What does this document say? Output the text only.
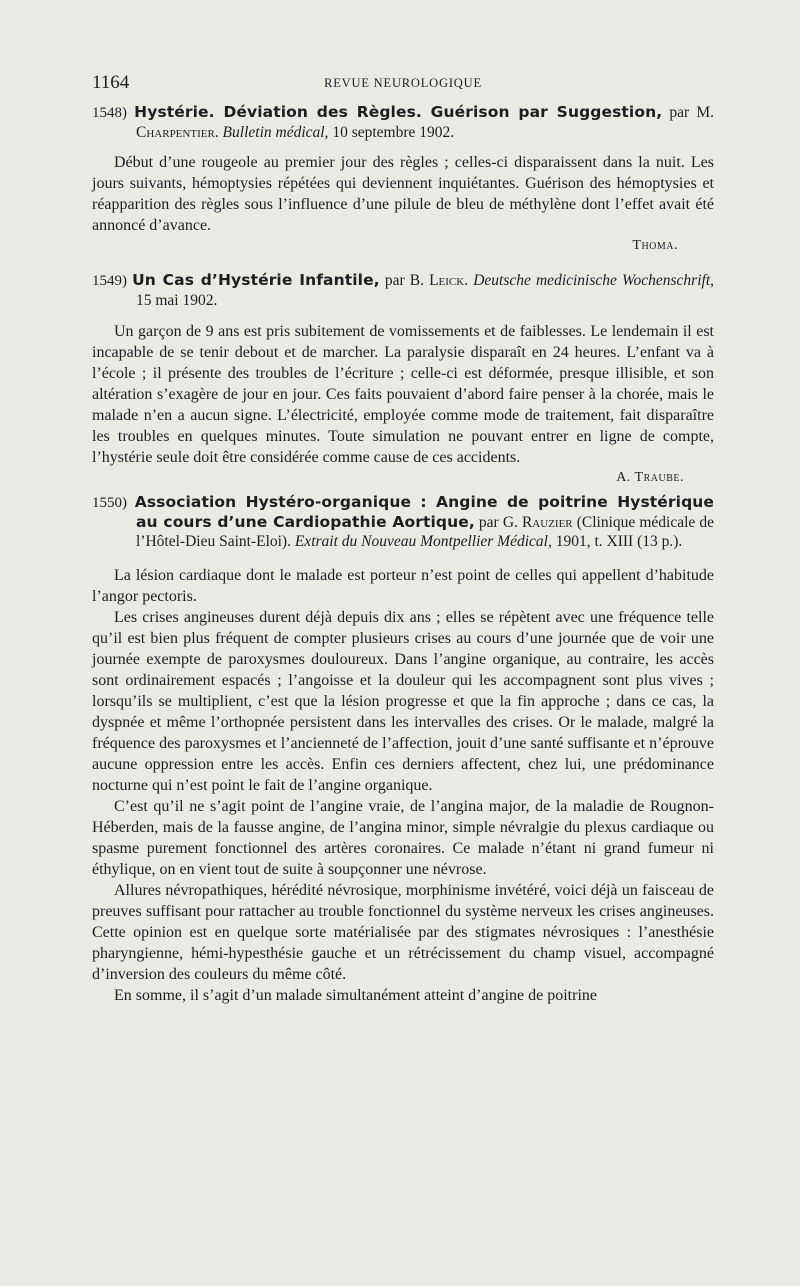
1164	REVUE NEUROLOGIQUE

1548) Hystérie. Déviation des Règles. Guérison par Suggestion, par M. Charpentier. Bulletin médical, 10 septembre 1902.

Début d’une rougeole au premier jour des règles ; celles-ci disparaissent dans la nuit. Les jours suivants, hémoptysies répétées qui deviennent inquiétantes. Guérison des hémoptysies et réapparition des règles sous l’influence d’une pilule de bleu de méthylène dont l’effet avait été annoncé d’avance.

Thoma.

1549) Un Cas d’Hystérie Infantile, par B. Leick. Deutsche medicinische Wochenschrift, 15 mai 1902.

Un garçon de 9 ans est pris subitement de vomissements et de faiblesses. Le lendemain il est incapable de se tenir debout et de marcher. La paralysie disparaît en 24 heures. L’enfant va à l’école ; il présente des troubles de l’écriture ; celle-ci est déformée, presque illisible, et son altération s’exagère de jour en jour. Ces faits pouvaient d’abord faire penser à la chorée, mais le malade n’en a aucun signe. L’électricité, employée comme mode de traitement, fait disparaître les troubles en quelques minutes. Toute simulation ne pouvant entrer en ligne de compte, l’hystérie seule doit être considérée comme cause de ces accidents.

A. Traube.

1550) Association Hystéro-organique : Angine de poitrine Hystérique au cours d’une Cardiopathie Aortique, par G. Rauzier (Clinique médicale de l’Hôtel-Dieu Saint-Eloi). Extrait du Nouveau Montpellier Médical, 1901, t. XIII (13 p.).

La lésion cardiaque dont le malade est porteur n’est point de celles qui appellent d’habitude l’angor pectoris.

Les crises angineuses durent déjà depuis dix ans ; elles se répètent avec une fréquence telle qu’il est bien plus fréquent de compter plusieurs crises au cours d’une journée que de voir une journée exempte de paroxysmes douloureux. Dans l’angine organique, au contraire, les accès sont ordinairement espacés ; l’angoisse et la douleur qui les accompagnent sont plus vives ; lorsqu’ils se multiplient, c’est que la lésion progresse et que la fin approche ; dans ce cas, la dyspnée et même l’orthopnée persistent dans les intervalles des crises. Or le malade, malgré la fréquence des paroxysmes et l’ancienneté de l’affection, jouit d’une santé suffisante et n’éprouve aucune oppression entre les accès. Enfin ces derniers affectent, chez lui, une prédominance nocturne qui n’est point le fait de l’angine organique.

C’est qu’il ne s’agit point de l’angine vraie, de l’angina major, de la maladie de Rougnon-Héberden, mais de la fausse angine, de l’angina minor, simple névralgie du plexus cardiaque ou spasme purement fonctionnel des artères coronaires. Ce malade n’étant ni grand fumeur ni éthylique, on en vient tout de suite à soupçonner une névrose.

Allures névropathiques, hérédité névrosique, morphinisme invétéré, voici déjà un faisceau de preuves suffisant pour rattacher au trouble fonctionnel du système nerveux les crises angineuses. Cette opinion est en quelque sorte matérialisée par des stigmates névrosiques : l’anesthésie pharyngienne, hémi-hypesthésie gauche et un rétrécissement du champ visuel, accompagné d’inversion des couleurs du même côté.

En somme, il s’agit d’un malade simultanément atteint d’angine de poitrine
